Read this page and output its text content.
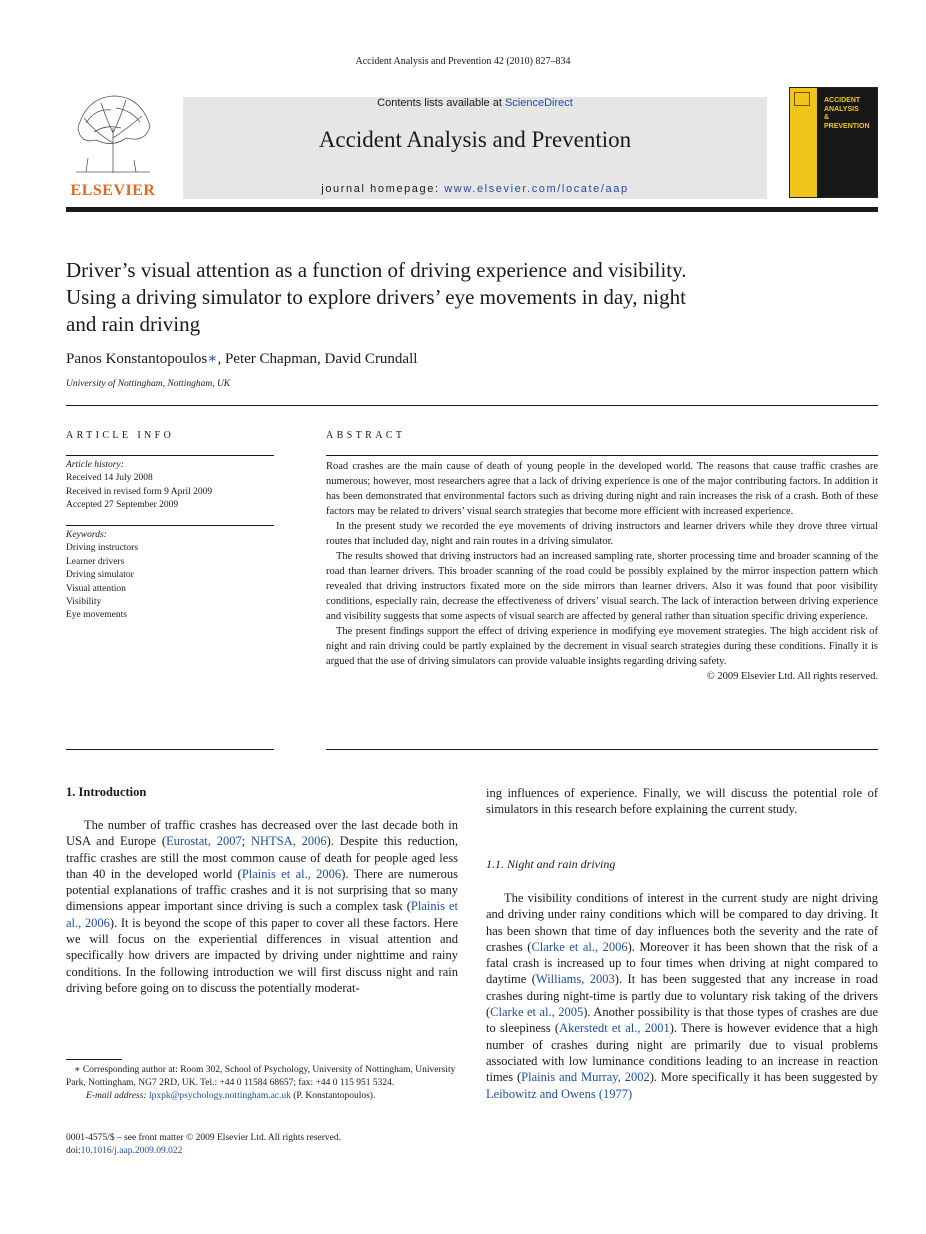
Accident Analysis and Prevention 42 (2010) 827–834
ELSEVIER
Contents lists available at ScienceDirect
Accident Analysis and Prevention
journal homepage: www.elsevier.com/locate/aap
ACCIDENT ANALYSIS & PREVENTION
Driver’s visual attention as a function of driving experience and visibility.
Using a driving simulator to explore drivers’ eye movements in day, night
and rain driving
Panos Konstantopoulos∗, Peter Chapman, David Crundall
University of Nottingham, Nottingham, UK
ARTICLE INFO
Article history:
Received 14 July 2008
Received in revised form 9 April 2009
Accepted 27 September 2009
Keywords:
Driving instructors
Learner drivers
Driving simulator
Visual attention
Visibility
Eye movements
ABSTRACT

Road crashes are the main cause of death of young people in the developed world. The reasons that cause traffic crashes are numerous; however, most researchers agree that a lack of driving experience is one of the major contributing factors. In addition it has been demonstrated that environmental factors such as driving during night and rain increases the risk of a crash. Both of these factors may be related to drivers’ visual search strategies that become more efficient with increased experience.

In the present study we recorded the eye movements of driving instructors and learner drivers while they drove three virtual routes that included day, night and rain routes in a driving simulator.

The results showed that driving instructors had an increased sampling rate, shorter processing time and broader scanning of the road than learner drivers. This broader scanning of the road could be possibly explained by the mirror inspection pattern which revealed that driving instructors fixated more on the side mirrors than learner drivers. Also it was found that poor visibility conditions, especially rain, decrease the effectiveness of drivers’ visual search. The lack of interaction between driving experience and visibility suggests that some aspects of visual search are affected by general rather than situation specific driving experience.

The present findings support the effect of driving experience in modifying eye movement strategies. The high accident risk of night and rain driving could be partly explained by the decrement in visual search strategies during these conditions. Finally it is argued that the use of driving simulators can provide valuable insights regarding driving safety.

© 2009 Elsevier Ltd. All rights reserved.
1. Introduction

The number of traffic crashes has decreased over the last decade both in USA and Europe (Eurostat, 2007; NHTSA, 2006). Despite this reduction, traffic crashes are still the most common cause of death for people aged less than 40 in the developed world (Plainis et al., 2006). There are numerous potential explanations of traffic crashes and it is not surprising that so many dimensions appear important since driving is such a complex task (Plainis et al., 2006). It is beyond the scope of this paper to cover all these factors. Here we will focus on the experiential differences in visual attention and specifically how drivers are impacted by driving under nighttime and rainy conditions. In the following introduction we will first discuss night and rain driving before going on to discuss the potentially moderat-

ing influences of experience. Finally, we will discuss the potential role of simulators in this research before explaining the current study.
1.1. Night and rain driving

The visibility conditions of interest in the current study are night driving and driving under rainy conditions which will be compared to day driving. It has been shown that time of day influences both the severity and the rate of crashes (Clarke et al., 2006). Moreover it has been shown that the risk of a fatal crash is increased up to four times when driving at night compared to daytime (Williams, 2003). It has been suggested that any increase in road crashes during night-time is partly due to voluntary risk taking of the drivers (Clarke et al., 2005). Another possibility is that those types of crashes are due to sleepiness (Akerstedt et al., 2001). There is however evidence that a high number of crashes during night are primarily due to visual problems associated with low luminance conditions leading to an increase in reaction times (Plainis and Murray, 2002). More specifically it has been suggested by Leibowitz and Owens (1977)

∗ Corresponding author at: Room 302, School of Psychology, University of Nottingham, University Park, Nottingham, NG7 2RD, UK. Tel.: +44 0 11584 68657; fax: +44 0 115 951 5324.
E-mail address: lpxpk@psychology.nottingham.ac.uk (P. Konstantopoulos).
0001-4575/$ – see front matter © 2009 Elsevier Ltd. All rights reserved.
doi:10.1016/j.aap.2009.09.022
